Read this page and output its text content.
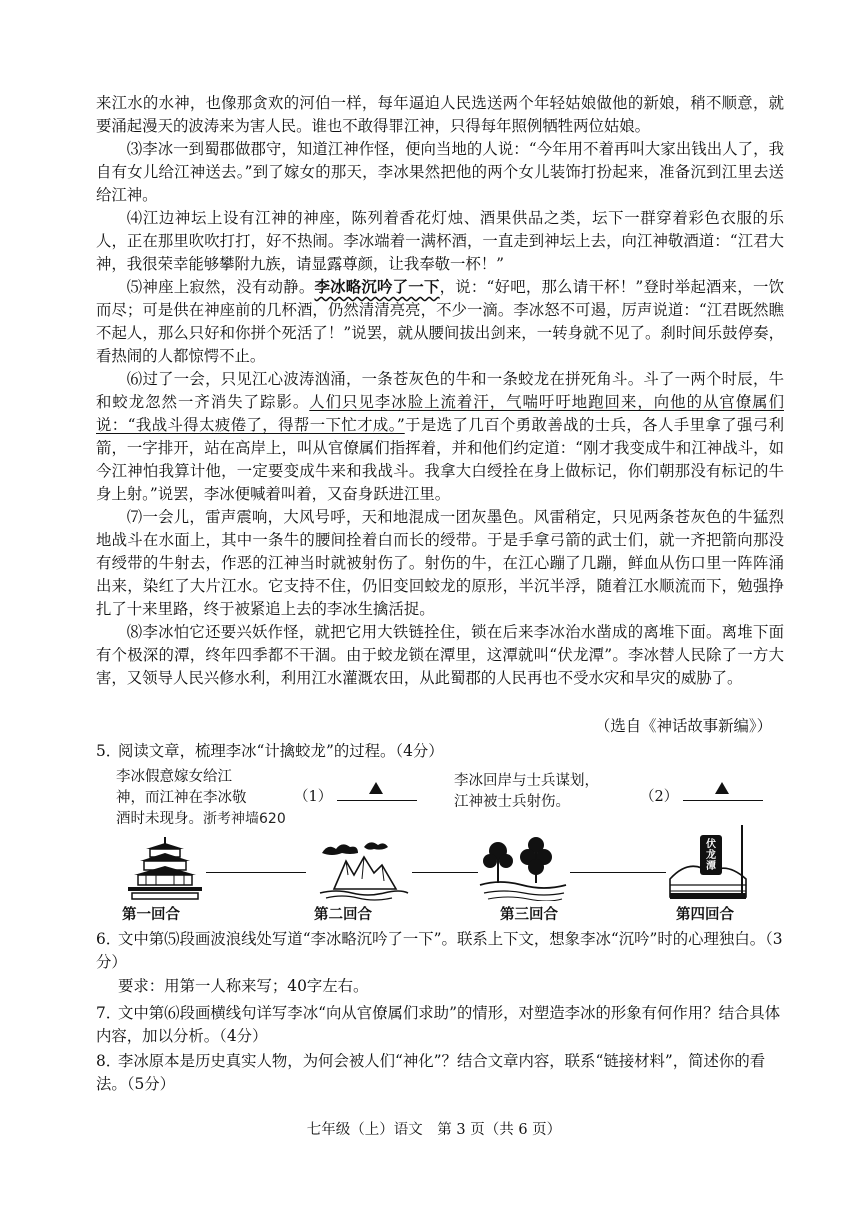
来江水的水神，也像那贪欢的河伯一样，每年逼迫人民选送两个年轻姑娘做他的新娘，稍不顺意，就要涌起漫天的波涛来为害人民。谁也不敢得罪江神，只得每年照例牺牲两位姑娘。

⑶李冰一到蜀郡做郡守，知道江神作怪，便向当地的人说：“今年用不着再叫大家出钱出人了，我自有女儿给江神送去。”到了嫁女的那天，李冰果然把他的两个女儿装饰打扮起来，准备沉到江里去送给江神。

⑷江边神坛上设有江神的神座，陈列着香花灯烛、酒果供品之类，坛下一群穿着彩色衣服的乐人，正在那里吹吹打打，好不热闹。李冰端着一满杯酒，一直走到神坛上去，向江神敬酒道：“江君大神，我很荣幸能够攀附九族，请显露尊颜，让我奉敬一杯！”

⑸神座上寂然，没有动静。李冰略沉吟了一下，说：“好吧，那么请干杯！”登时举起酒来，一饮而尽；可是供在神座前的几杯酒，仍然清清亮亮，不少一滴。李冰怒不可遏，厉声说道：“江君既然瞧不起人，那么只好和你拼个死活了！”说罢，就从腰间拔出剑来，一转身就不见了。刹时间乐鼓停奏，看热闹的人都惊愕不止。

⑹过了一会，只见江心波涛汹涌，一条苍灰色的牛和一条蛟龙在拼死角斗。斗了一两个时辰，牛和蛟龙忽然一齐消失了踪影。人们只见李冰脸上流着汗，气喘吁吁地跑回来，向他的从官僚属们说：“我战斗得太疲倦了，得帮一下忙才成。”于是选了几百个勇敢善战的士兵，各人手里拿了强弓利箭，一字排开，站在高岸上，叫从官僚属们指挥着，并和他们约定道：“刚才我变成牛和江神战斗，如今江神怕我算计他，一定要变成牛来和我战斗。我拿大白绶拴在身上做标记，你们朝那没有标记的牛身上射。”说罢，李冰便喊着叫着，又奋身跃进江里。

⑺一会儿，雷声震响，大风号呼，天和地混成一团灰墨色。风雷稍定，只见两条苍灰色的牛猛烈地战斗在水面上，其中一条牛的腰间拴着白而长的绶带。于是手拿弓箭的武士们，就一齐把箭向那没有绶带的牛射去，作恶的江神当时就被射伤了。射伤的牛，在江心蹦了几蹦，鲜血从伤口里一阵阵涌出来，染红了大片江水。它支持不住，仍旧变回蛟龙的原形，半沉半浮，随着江水顺流而下，勉强挣扎了十来里路，终于被紧追上去的李冰生擒活捉。

⑻李冰怕它还要兴妖作怪，就把它用大铁链拴住，锁在后来李冰治水凿成的离堆下面。离堆下面有个极深的潭，终年四季都不干涸。由于蛟龙锁在潭里，这潭就叫“伏龙潭”。李冰替人民除了一方大害，又领导人民兴修水利，利用江水灌溉农田，从此蜀郡的人民再也不受水灾和旱灾的威胁了。

（选自《神话故事新编》）
5．阅读文章，梳理李冰“计擒蛟龙”的过程。（4分）
李冰假意嫁女给江
神，而江神在李冰敬
酒时未现身。浙考神墙620
（1）
李冰回岸与士兵谋划，
江神被士兵射伤。	（2）
伏龙潭
第一回合	第二回合	第三回合	第四回合
6．文中第⑸段画波浪线处写道“李冰略沉吟了一下”。联系上下文，想象李冰“沉吟”时的心理独白。（3分）
要求：用第一人称来写；40字左右。
7．文中第⑹段画横线句详写李冰“向从官僚属们求助”的情形，对塑造李冰的形象有何作用？结合具体内容，加以分析。（4分）
8．李冰原本是历史真实人物，为何会被人们“神化”？结合文章内容，联系“链接材料”，简述你的看法。（5分）
七年级（上）语文　第 3 页（共 6 页）
